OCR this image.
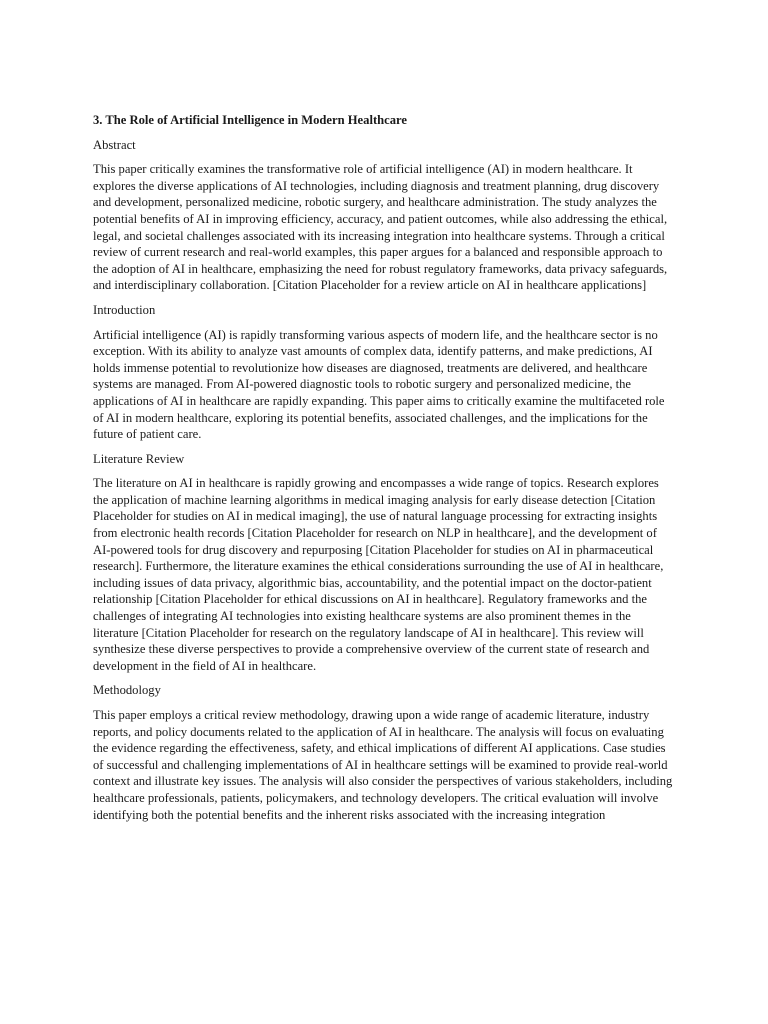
3. The Role of Artificial Intelligence in Modern Healthcare
Abstract
This paper critically examines the transformative role of artificial intelligence (AI) in modern healthcare. It explores the diverse applications of AI technologies, including diagnosis and treatment planning, drug discovery and development, personalized medicine, robotic surgery, and healthcare administration. The study analyzes the potential benefits of AI in improving efficiency, accuracy, and patient outcomes, while also addressing the ethical, legal, and societal challenges associated with its increasing integration into healthcare systems. Through a critical review of current research and real-world examples, this paper argues for a balanced and responsible approach to the adoption of AI in healthcare, emphasizing the need for robust regulatory frameworks, data privacy safeguards, and interdisciplinary collaboration. [Citation Placeholder for a review article on AI in healthcare applications]
Introduction
Artificial intelligence (AI) is rapidly transforming various aspects of modern life, and the healthcare sector is no exception. With its ability to analyze vast amounts of complex data, identify patterns, and make predictions, AI holds immense potential to revolutionize how diseases are diagnosed, treatments are delivered, and healthcare systems are managed. From AI-powered diagnostic tools to robotic surgery and personalized medicine, the applications of AI in healthcare are rapidly expanding. This paper aims to critically examine the multifaceted role of AI in modern healthcare, exploring its potential benefits, associated challenges, and the implications for the future of patient care.
Literature Review
The literature on AI in healthcare is rapidly growing and encompasses a wide range of topics. Research explores the application of machine learning algorithms in medical imaging analysis for early disease detection [Citation Placeholder for studies on AI in medical imaging], the use of natural language processing for extracting insights from electronic health records [Citation Placeholder for research on NLP in healthcare], and the development of AI-powered tools for drug discovery and repurposing [Citation Placeholder for studies on AI in pharmaceutical research]. Furthermore, the literature examines the ethical considerations surrounding the use of AI in healthcare, including issues of data privacy, algorithmic bias, accountability, and the potential impact on the doctor-patient relationship [Citation Placeholder for ethical discussions on AI in healthcare]. Regulatory frameworks and the challenges of integrating AI technologies into existing healthcare systems are also prominent themes in the literature [Citation Placeholder for research on the regulatory landscape of AI in healthcare]. This review will synthesize these diverse perspectives to provide a comprehensive overview of the current state of research and development in the field of AI in healthcare.
Methodology
This paper employs a critical review methodology, drawing upon a wide range of academic literature, industry reports, and policy documents related to the application of AI in healthcare. The analysis will focus on evaluating the evidence regarding the effectiveness, safety, and ethical implications of different AI applications. Case studies of successful and challenging implementations of AI in healthcare settings will be examined to provide real-world context and illustrate key issues. The analysis will also consider the perspectives of various stakeholders, including healthcare professionals, patients, policymakers, and technology developers. The critical evaluation will involve identifying both the potential benefits and the inherent risks associated with the increasing integration
